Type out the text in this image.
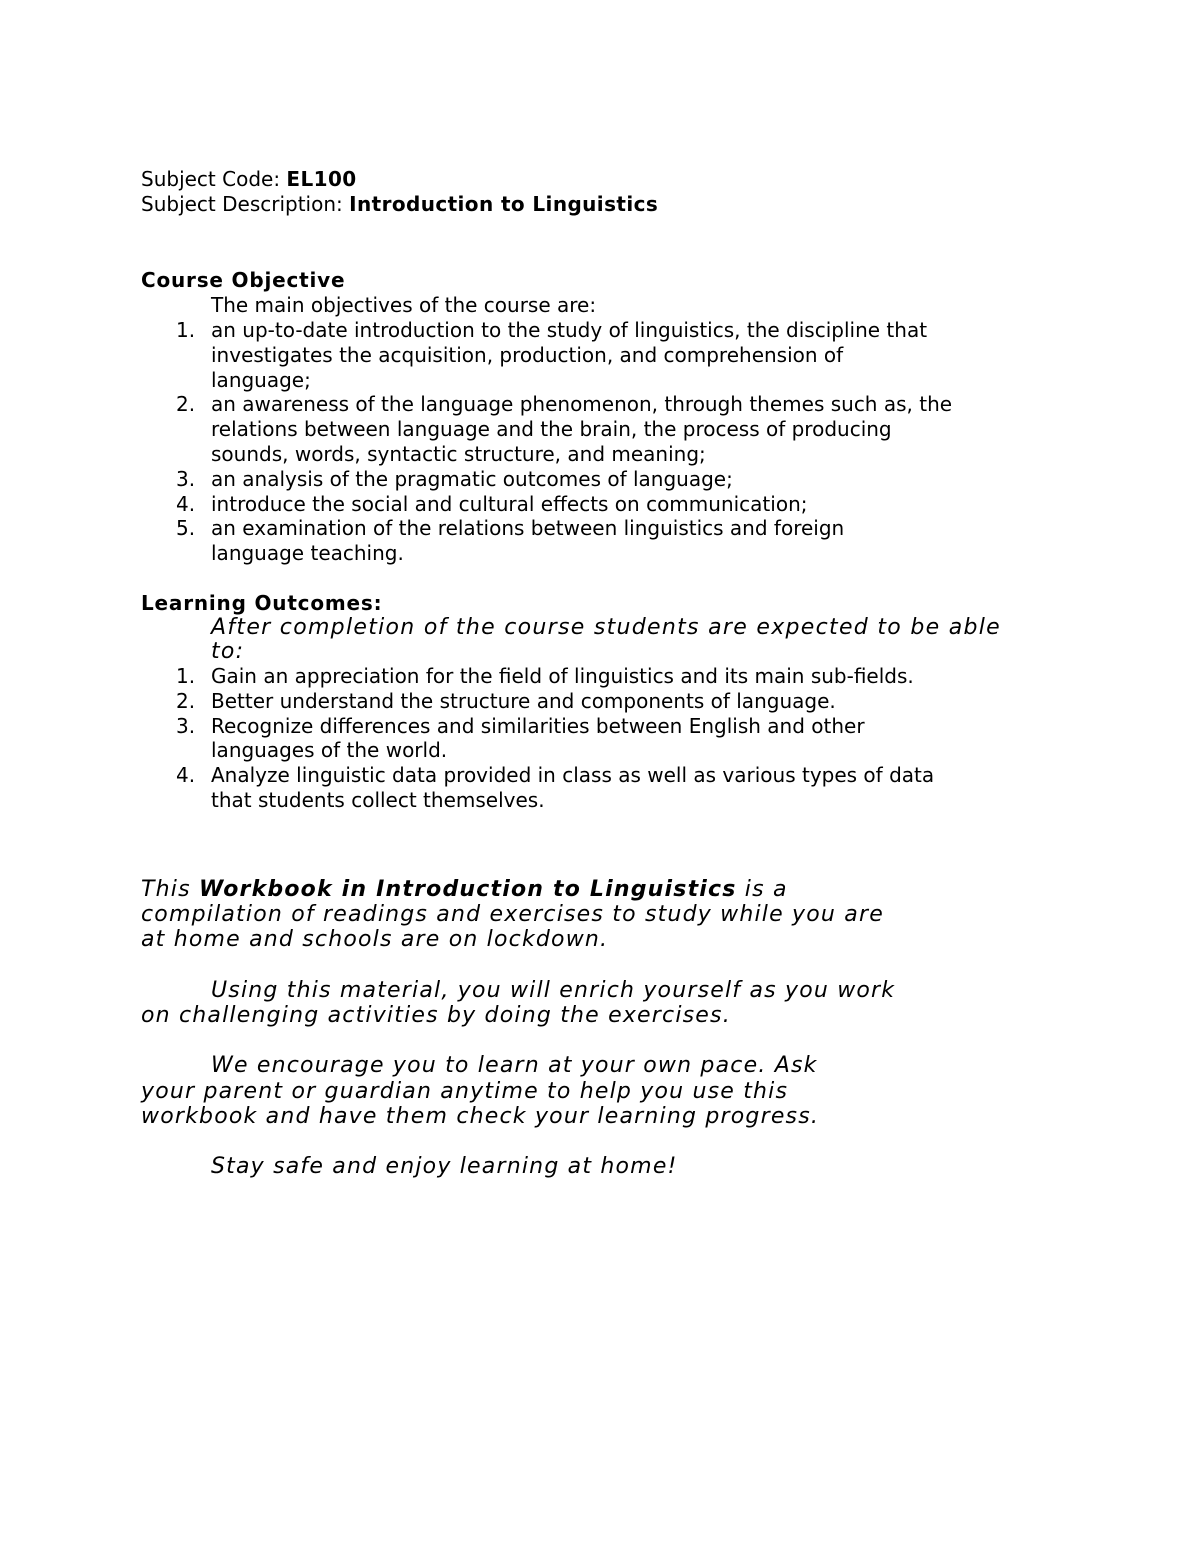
Subject Code: EL100
Subject Description: Introduction to Linguistics
Course Objective
The main objectives of the course are:
1. an up-to-date introduction to the study of linguistics, the discipline that
investigates the acquisition, production, and comprehension of
language;
2. an awareness of the language phenomenon, through themes such as, the
relations between language and the brain, the process of producing
sounds, words, syntactic structure, and meaning;
3. an analysis of the pragmatic outcomes of language;
4. introduce the social and cultural effects on communication;
5. an examination of the relations between linguistics and foreign
language teaching.
Learning Outcomes:
After completion of the course students are expected to be able
to:
1. Gain an appreciation for the field of linguistics and its main sub-fields.
2. Better understand the structure and components of language.
3. Recognize differences and similarities between English and other
languages of the world.
4. Analyze linguistic data provided in class as well as various types of data
that students collect themselves.

This Workbook in Introduction to Linguistics is a
compilation of readings and exercises to study while you are
at home and schools are on lockdown.

Using this material, you will enrich yourself as you work
on challenging activities by doing the exercises.

We encourage you to learn at your own pace. Ask
your parent or guardian anytime to help you use this
workbook and have them check your learning progress.

Stay safe and enjoy learning at home!
